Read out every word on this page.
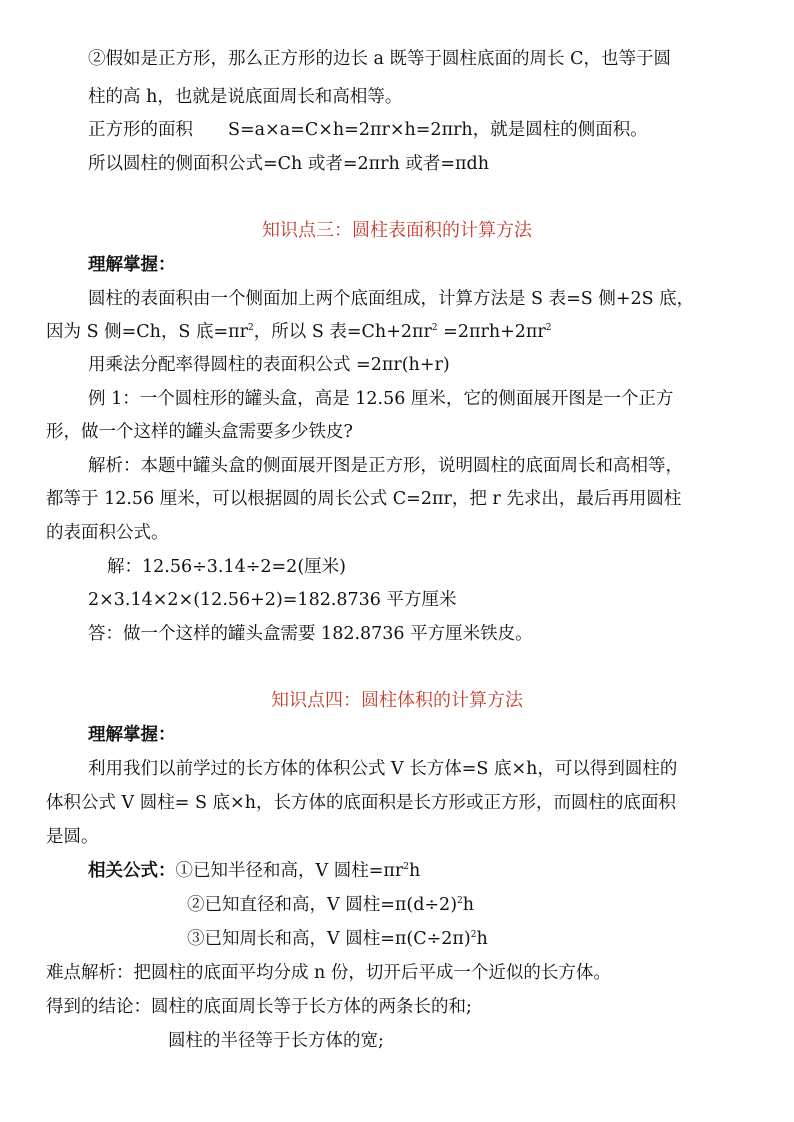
②假如是正方形，那么正方形的边长 a 既等于圆柱底面的周长 C，也等于圆
柱的高 h，也就是说底面周长和高相等。
正方形的面积　　S=a×a=C×h=2πr×h=2πrh，就是圆柱的侧面积。
所以圆柱的侧面积公式=Ch 或者=2πrh 或者=πdh
知识点三：圆柱表面积的计算方法
理解掌握：
圆柱的表面积由一个侧面加上两个底面组成，计算方法是 S 表=S 侧+2S 底，
因为 S 侧=Ch，S 底$=\pi r^2$，所以 S 表$=Ch+2\pi r^2 =2\pi rh+2\pi r^2$
用乘法分配率得圆柱的表面积公式 =2πr(h+r)
例 1：一个圆柱形的罐头盒，高是 12.56 厘米，它的侧面展开图是一个正方
形，做一个这样的罐头盒需要多少铁皮?
解析：本题中罐头盒的侧面展开图是正方形，说明圆柱的底面周长和高相等，
都等于 12.56 厘米，可以根据圆的周长公式 C=2πr，把 r 先求出，最后再用圆柱
的表面积公式。
解：12.56÷3.14÷2=2(厘米)
2×3.14×2×(12.56+2)=182.8736 平方厘米
答：做一个这样的罐头盒需要 182.8736 平方厘米铁皮。
知识点四：圆柱体积的计算方法
理解掌握：
利用我们以前学过的长方体的体积公式 V 长方体=S 底×h，可以得到圆柱的
体积公式 V 圆柱= S 底×h，长方体的底面积是长方形或正方形，而圆柱的底面积
是圆。
相关公式：①已知半径和高，V 圆柱$=\pi r^2h$
②已知直径和高，V 圆柱$=\pi(d\div 2)^2h$
③已知周长和高，V 圆柱$=\pi(C\div 2\pi)^2h$
难点解析：把圆柱的底面平均分成 n 份，切开后平成一个近似的长方体。
得到的结论：圆柱的底面周长等于长方体的两条长的和;
圆柱的半径等于长方体的宽;
